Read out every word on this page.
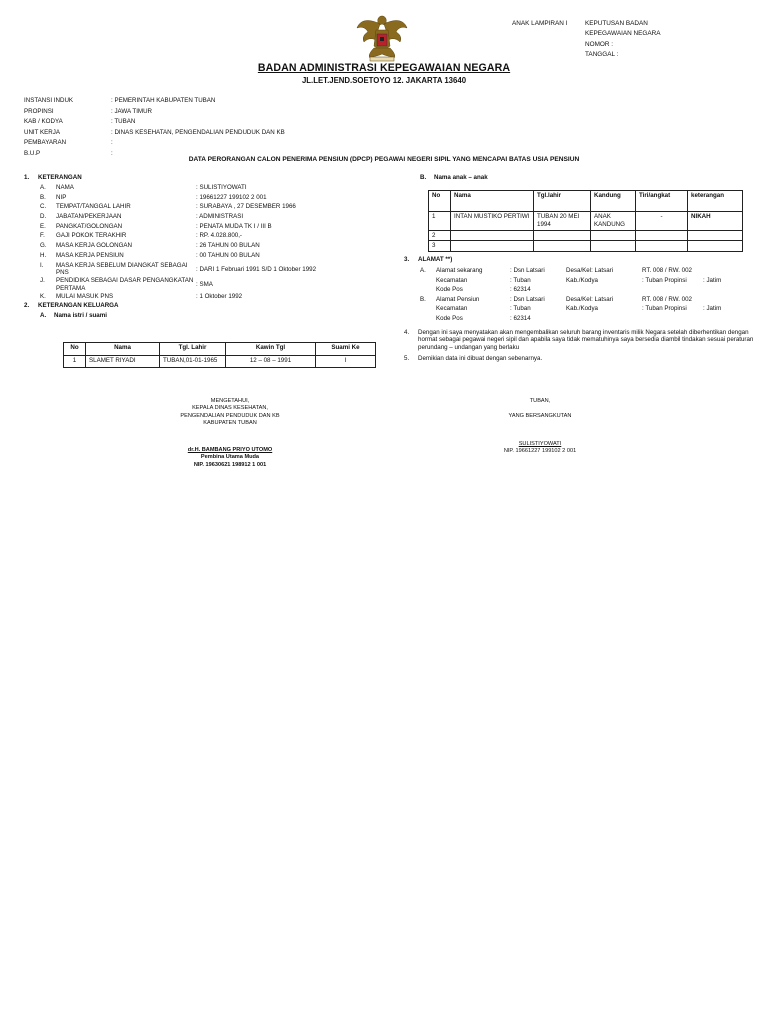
ANAK LAMPIRAN I	KEPUTUSAN BADAN
KEPEGAWAIAN NEGARA
NOMOR :
TANGGAL :
BADAN ADMINISTRASI KEPEGAWAIAN NEGARA
JL.LET.JEND.SOETOYO 12. JAKARTA 13640
INSTANSI INDUK	: PEMERINTAH KABUPATEN TUBAN
PROPINSI	: JAWA TIMUR
KAB / KODYA	: TUBAN
UNIT KERJA	: DINAS KESEHATAN, PENGENDALIAN PENDUDUK DAN KB
PEMBAYARAN	:
B.U.P	:
DATA PERORANGAN CALON PENERIMA PENSIUN (DPCP) PEGAWAI NEGERI SIPIL YANG MENCAPAI BATAS USIA PENSIUN
1.	KETERANGAN
A.	NAMA	: SULISTIYOWATI
B.	NIP	: 19661227 199102 2 001
C.	TEMPAT/TANGGAL LAHIR	: SURABAYA , 27 DESEMBER 1966
D.	JABATAN/PEKERJAAN	: ADMINISTRASI
E.	PANGKAT/GOLONGAN	: PENATA MUDA TK I / III B
F.	GAJI POKOK TERAKHIR	: RP. 4.028.800,-
G.	MASA KERJA GOLONGAN	: 26 TAHUN 00 BULAN
H.	MASA KERJA PENSIUN	: 00 TAHUN 00 BULAN
I.	MASA KERJA SEBELUM DIANGKAT SEBAGAI PNS
: DARI 1 Februari 1991 S/D 1 Oktober 1992
J.	PENDIDIKA SEBAGAI DASAR PENGANGKATAN PERTAMA
: SMA
K.	MULAI MASUK PNS	: 1 Oktober 1992
2.	KETERANGAN KELUARGA
A.	Nama istri / suami
No	Nama	Tgl. Lahir	Kawin Tgl	Suami Ke
1	SLAMET RIYADI	TUBAN,01-01-1965	12 – 08 – 1991	I
B.	Nama anak – anak
No	Nama	Tgl.lahir	Kandung	Tiri/angkat	keterangan
1	INTAN MUSTIKO PERTIWI	TUBAN 20 MEI 1994	ANAK KANDUNG	-	NIKAH
2					
3					
3.	ALAMAT **)
A.	Alamat sekarang	: Dsn Latsari	Desa/Kel: Latsari	RT. 008 / RW. 002
Kecamatan	: Tuban	Kab./Kodya	: Tuban Propinsi	: Jatim
Kode Pos	: 62314
B.	Alamat Pensiun	: Dsn Latsari	Desa/Kel: Latsari	RT. 008 / RW. 002
Kecamatan	: Tuban	Kab./Kodya	: Tuban Propinsi	: Jatim
Kode Pos	: 62314
4.	Dengan ini saya menyatakan akan mengembalikan seluruh barang inventaris milik Negara setelah diberhentikan dengan hormat sebagai pegawai negeri sipil dan apabila saya tidak mematuhinya saya bersedia diambil tindakan sesuai peraturan perundang – undangan yang berlaku
5.	Demikian data ini dibuat dengan sebenarnya.
MENGETAHUI,
KEPALA DINAS KESEHATAN,
PENGENDALIAN PENDUDUK DAN KB
KABUPATEN TUBAN
dr.H. BAMBANG PRIYO UTOMO
Pembina Utama Muda
NIP. 19630621 198912 1 001
TUBAN,
YANG BERSANGKUTAN
SULISTIYOWATI
NIP. 19661227 199102 2 001
